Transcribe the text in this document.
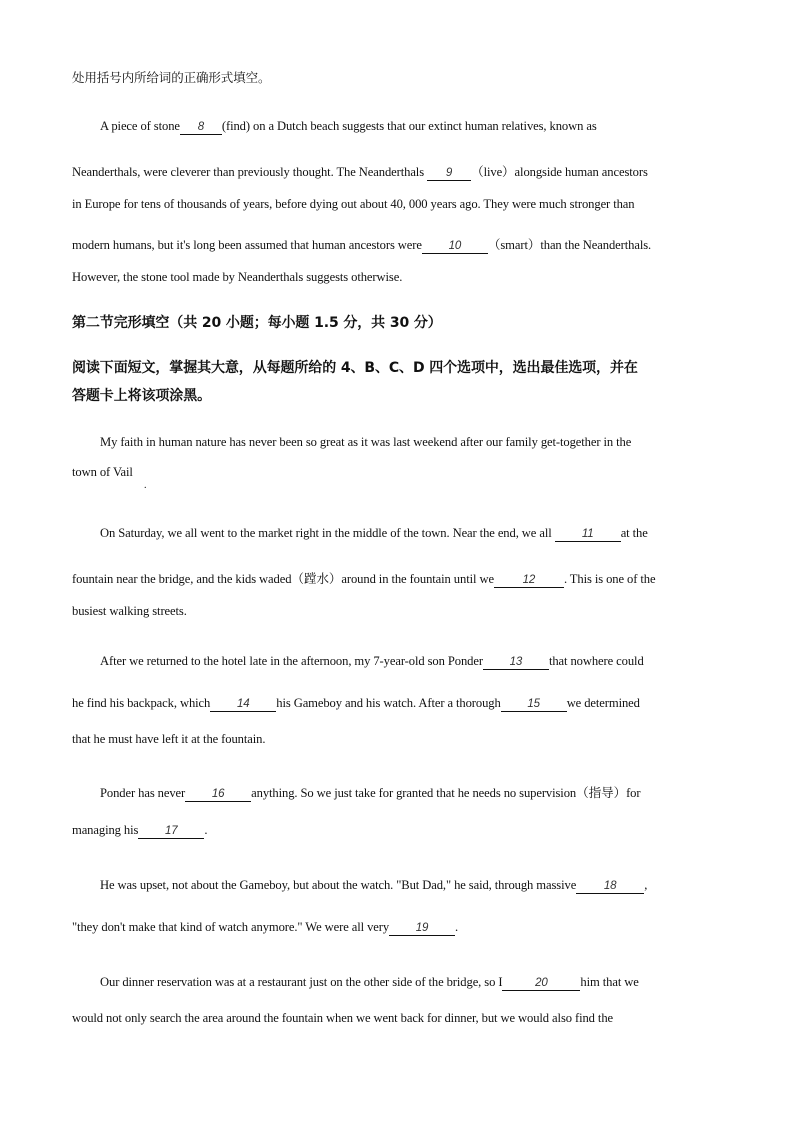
处用括号内所给词的正确形式填空。
A piece of stone 8 (find) on a Dutch beach suggests that our extinct human relatives, known as
Neanderthals, were cleverer than previously thought. The Neanderthals 9 （live）alongside human ancestors
in Europe for tens of thousands of years, before dying out about 40, 000 years ago. They were much stronger than
modern humans, but it's long been assumed that human ancestors were 10 （smart）than the Neanderthals.
However, the stone tool made by Neanderthals suggests otherwise.
第二节完形填空（共 20 小题；每小题 1.5 分，共 30 分）
阅读下面短文，掌握其大意，从每题所给的 4、B、C、D 四个选项中，选出最佳选项，并在
答题卡上将该项涂黑。
My faith in human nature has never been so great as it was last weekend after our family get-together in the
town of Vail
.
On Saturday, we all went to the market right in the middle of the town. Near the end, we all	11 at the
fountain near the bridge, and the kids waded（蹚水）around in the fountain until we 12 . This is one of the
busiest walking streets.
After we returned to the hotel late in the afternoon, my 7-year-old son Ponder 13 that nowhere could
he find his backpack, which 14 his Gameboy and his watch. After a thorough 15 we determined
that he must have left it at the fountain.
Ponder has never 16 anything. So we just take for granted that he needs no supervision（指导）for
managing his 17 .
He was upset, not about the Gameboy, but about the watch. "But Dad," he said, through massive 18 ,
"they don't make that kind of watch anymore." We were all very 19 .
Our dinner reservation was at a restaurant just on the other side of the bridge, so I	20	him that we
would not only search the area around the fountain when we went back for dinner, but we would also find the
